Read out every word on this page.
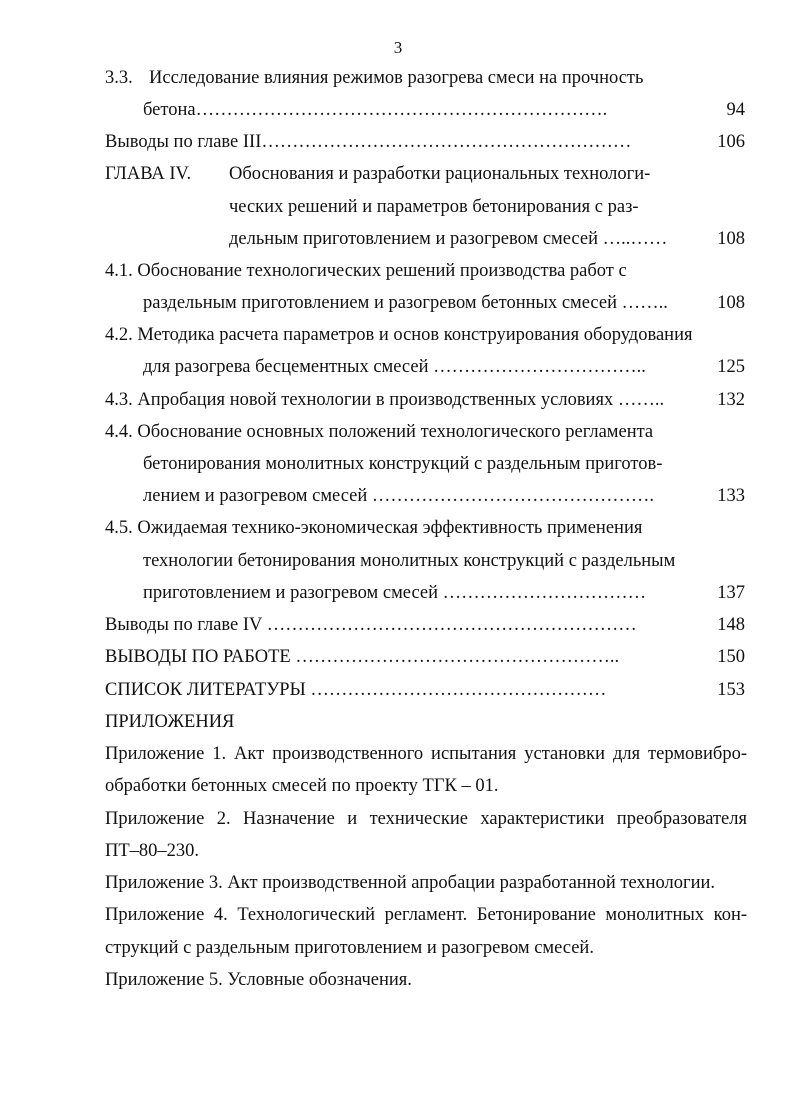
3
3.3. Исследование влияния режимов разогрева смеси на прочность
бетона………………………………………………………….	94
Выводы по главе III……………………………………………………	106
ГЛАВА IV. Обоснования и разработки рациональных технологи-
ческих решений и параметров бетонирования с раз-
дельным приготовлением и разогревом смесей …..……	108
4.1. Обоснование технологических решений производства работ с
раздельным приготовлением и разогревом бетонных смесей ……..	108
4.2. Методика расчета параметров и основ конструирования оборудования
для разогрева бесцементных смесей ……………………………..	125
4.3. Апробация новой технологии в производственных условиях ……..	132
4.4. Обоснование основных положений технологического регламента
бетонирования монолитных конструкций с раздельным приготов-
лением и разогревом смесей ……………………………………….	133
4.5. Ожидаемая технико-экономическая эффективность применения
технологии бетонирования монолитных конструкций с раздельным
приготовлением и разогревом смесей ……………………………	137
Выводы по главе IV ……………………………………………………	148
ВЫВОДЫ ПО РАБОТЕ ……………………………………………..	150
СПИСОК ЛИТЕРАТУРЫ …………………………………………	153
ПРИЛОЖЕНИЯ
Приложение 1. Акт производственного испытания установки для термовибро-
обработки бетонных смесей по проекту ТГК – 01.
Приложение 2. Назначение и технические характеристики преобразователя
ПТ–80–230.
Приложение 3. Акт производственной апробации разработанной технологии.
Приложение 4. Технологический регламент. Бетонирование монолитных кон-
струкций с раздельным приготовлением и разогревом смесей.
Приложение 5. Условные обозначения.
